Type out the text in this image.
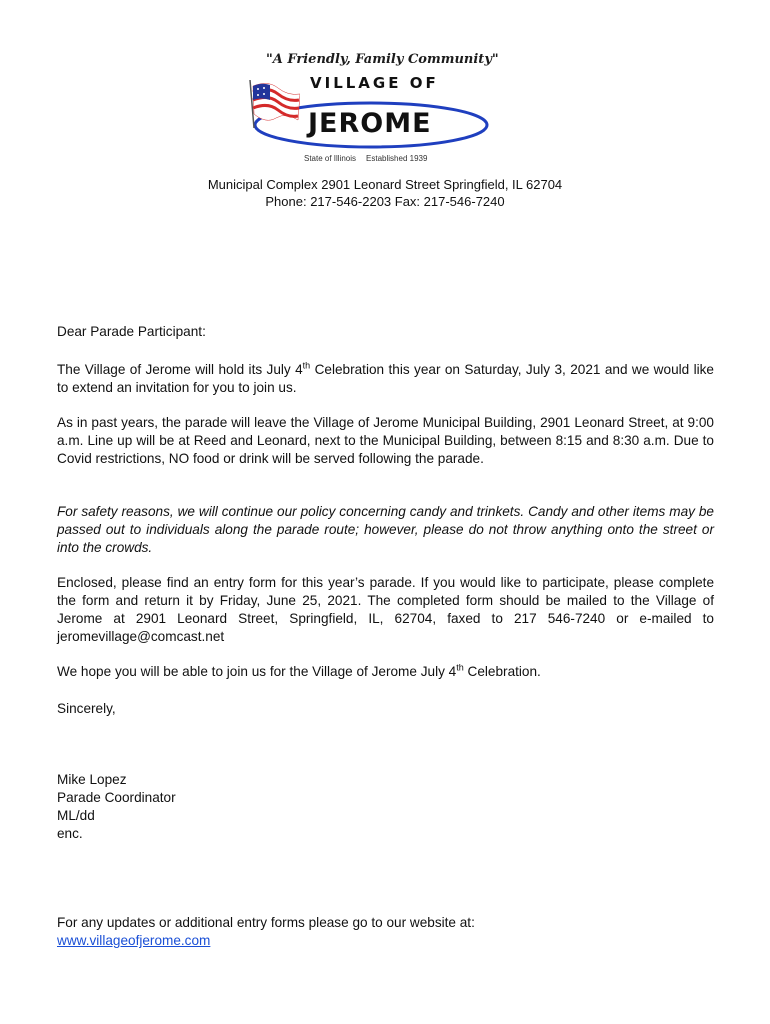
"A Friendly, Family Community"
VILLAGE OF
JEROME
State of Illinois Established 1939
Municipal Complex 2901 Leonard Street Springfield, IL 62704
Phone: 217-546-2203 Fax: 217-546-7240

Dear Parade Participant:

The Village of Jerome will hold its July 4th Celebration this year on Saturday, July 3, 2021 and we would like to extend an invitation for you to join us.

As in past years, the parade will leave the Village of Jerome Municipal Building, 2901 Leonard Street, at 9:00 a.m. Line up will be at Reed and Leonard, next to the Municipal Building, between 8:15 and 8:30 a.m. Due to Covid restrictions, NO food or drink will be served following the parade.

For safety reasons, we will continue our policy concerning candy and trinkets. Candy and other items may be passed out to individuals along the parade route; however, please do not throw anything onto the street or into the crowds.

Enclosed, please find an entry form for this year’s parade. If you would like to participate, please complete the form and return it by Friday, June 25, 2021. The completed form should be mailed to the Village of Jerome at 2901 Leonard Street, Springfield, IL, 62704, faxed to 217 546-7240 or e-mailed to jeromevillage@comcast.net

We hope you will be able to join us for the Village of Jerome July 4th Celebration.

Sincerely,

Mike Lopez
Parade Coordinator
ML/dd
enc.

For any updates or additional entry forms please go to our website at:
www.villageofjerome.com
